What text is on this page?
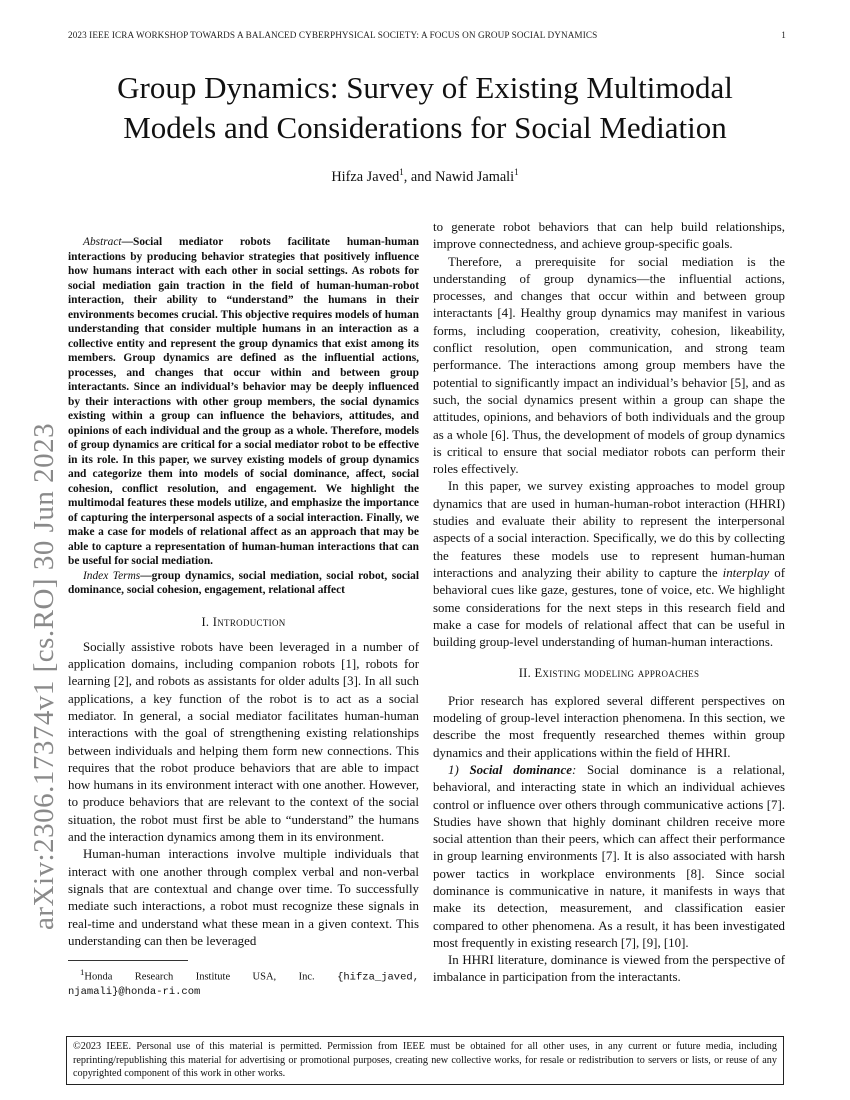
2023 IEEE ICRA WORKSHOP TOWARDS A BALANCED CYBERPHYSICAL SOCIETY: A FOCUS ON GROUP SOCIAL DYNAMICS	1
Group Dynamics: Survey of Existing Multimodal
Models and Considerations for Social Mediation
Hifza Javed$^1$, and Nawid Jamali$^1$
arXiv:2306.17374v1 [cs.RO] 30 Jun 2023

Abstract—Social mediator robots facilitate human-human interactions by producing behavior strategies that positively influence how humans interact with each other in social settings. As robots for social mediation gain traction in the field of human-human-robot interaction, their ability to “understand” the humans in their environments becomes crucial. This objective requires models of human understanding that consider multiple humans in an interaction as a collective entity and represent the group dynamics that exist among its members. Group dynamics are defined as the influential actions, processes, and changes that occur within and between group interactants. Since an individual’s behavior may be deeply influenced by their interactions with other group members, the social dynamics existing within a group can influence the behaviors, attitudes, and opinions of each individual and the group as a whole. Therefore, models of group dynamics are critical for a social mediator robot to be effective in its role. In this paper, we survey existing models of group dynamics and categorize them into models of social dominance, affect, social cohesion, conflict resolution, and engagement. We highlight the multimodal features these models utilize, and emphasize the importance of capturing the interpersonal aspects of a social interaction. Finally, we make a case for models of relational affect as an approach that may be able to capture a representation of human-human interactions that can be useful for social mediation.

Index Terms—group dynamics, social mediation, social robot, social dominance, social cohesion, engagement, relational affect

I. Introduction

Socially assistive robots have been leveraged in a number of application domains, including companion robots [1], robots for learning [2], and robots as assistants for older adults [3]. In all such applications, a key function of the robot is to act as a social mediator. In general, a social mediator facilitates human-human interactions with the goal of strengthening existing relationships between individuals and helping them form new connections. This requires that the robot produce behaviors that are able to impact how humans in its environment interact with one another. However, to produce behaviors that are relevant to the context of the social situation, the robot must first be able to “understand” the humans and the interaction dynamics among them in its environment.

Human-human interactions involve multiple individuals that interact with one another through complex verbal and non-verbal signals that are contextual and change over time. To successfully mediate such interactions, a robot must recognize these signals in real-time and understand what these mean in a given context. This understanding can then be leveraged

$^1$Honda Research Institute USA, Inc. {hifza_javed, njamali}@honda-ri.com

to generate robot behaviors that can help build relationships, improve connectedness, and achieve group-specific goals.

Therefore, a prerequisite for social mediation is the understanding of group dynamics—the influential actions, processes, and changes that occur within and between group interactants [4]. Healthy group dynamics may manifest in various forms, including cooperation, creativity, cohesion, likeability, conflict resolution, open communication, and strong team performance. The interactions among group members have the potential to significantly impact an individual’s behavior [5], and as such, the social dynamics present within a group can shape the attitudes, opinions, and behaviors of both individuals and the group as a whole [6]. Thus, the development of models of group dynamics is critical to ensure that social mediator robots can perform their roles effectively.

In this paper, we survey existing approaches to model group dynamics that are used in human-human-robot interaction (HHRI) studies and evaluate their ability to represent the interpersonal aspects of a social interaction. Specifically, we do this by collecting the features these models use to represent human-human interactions and analyzing their ability to capture the interplay of behavioral cues like gaze, gestures, tone of voice, etc. We highlight some considerations for the next steps in this research field and make a case for models of relational affect that can be useful in building group-level understanding of human-human interactions.

II. Existing modeling approaches

Prior research has explored several different perspectives on modeling of group-level interaction phenomena. In this section, we describe the most frequently researched themes within group dynamics and their applications within the field of HHRI.

1) Social dominance: Social dominance is a relational, behavioral, and interacting state in which an individual achieves control or influence over others through communicative actions [7]. Studies have shown that highly dominant children receive more social attention than their peers, which can affect their performance in group learning environments [7]. It is also associated with harsh power tactics in workplace environments [8]. Since social dominance is communicative in nature, it manifests in ways that make its detection, measurement, and classification easier compared to other phenomena. As a result, it has been investigated most frequently in existing research [7], [9], [10].

In HHRI literature, dominance is viewed from the perspective of imbalance in participation from the interactants.

©2023 IEEE. Personal use of this material is permitted. Permission from IEEE must be obtained for all other uses, in any current or future media, including reprinting/republishing this material for advertising or promotional purposes, creating new collective works, for resale or redistribution to servers or lists, or reuse of any copyrighted component of this work in other works.
